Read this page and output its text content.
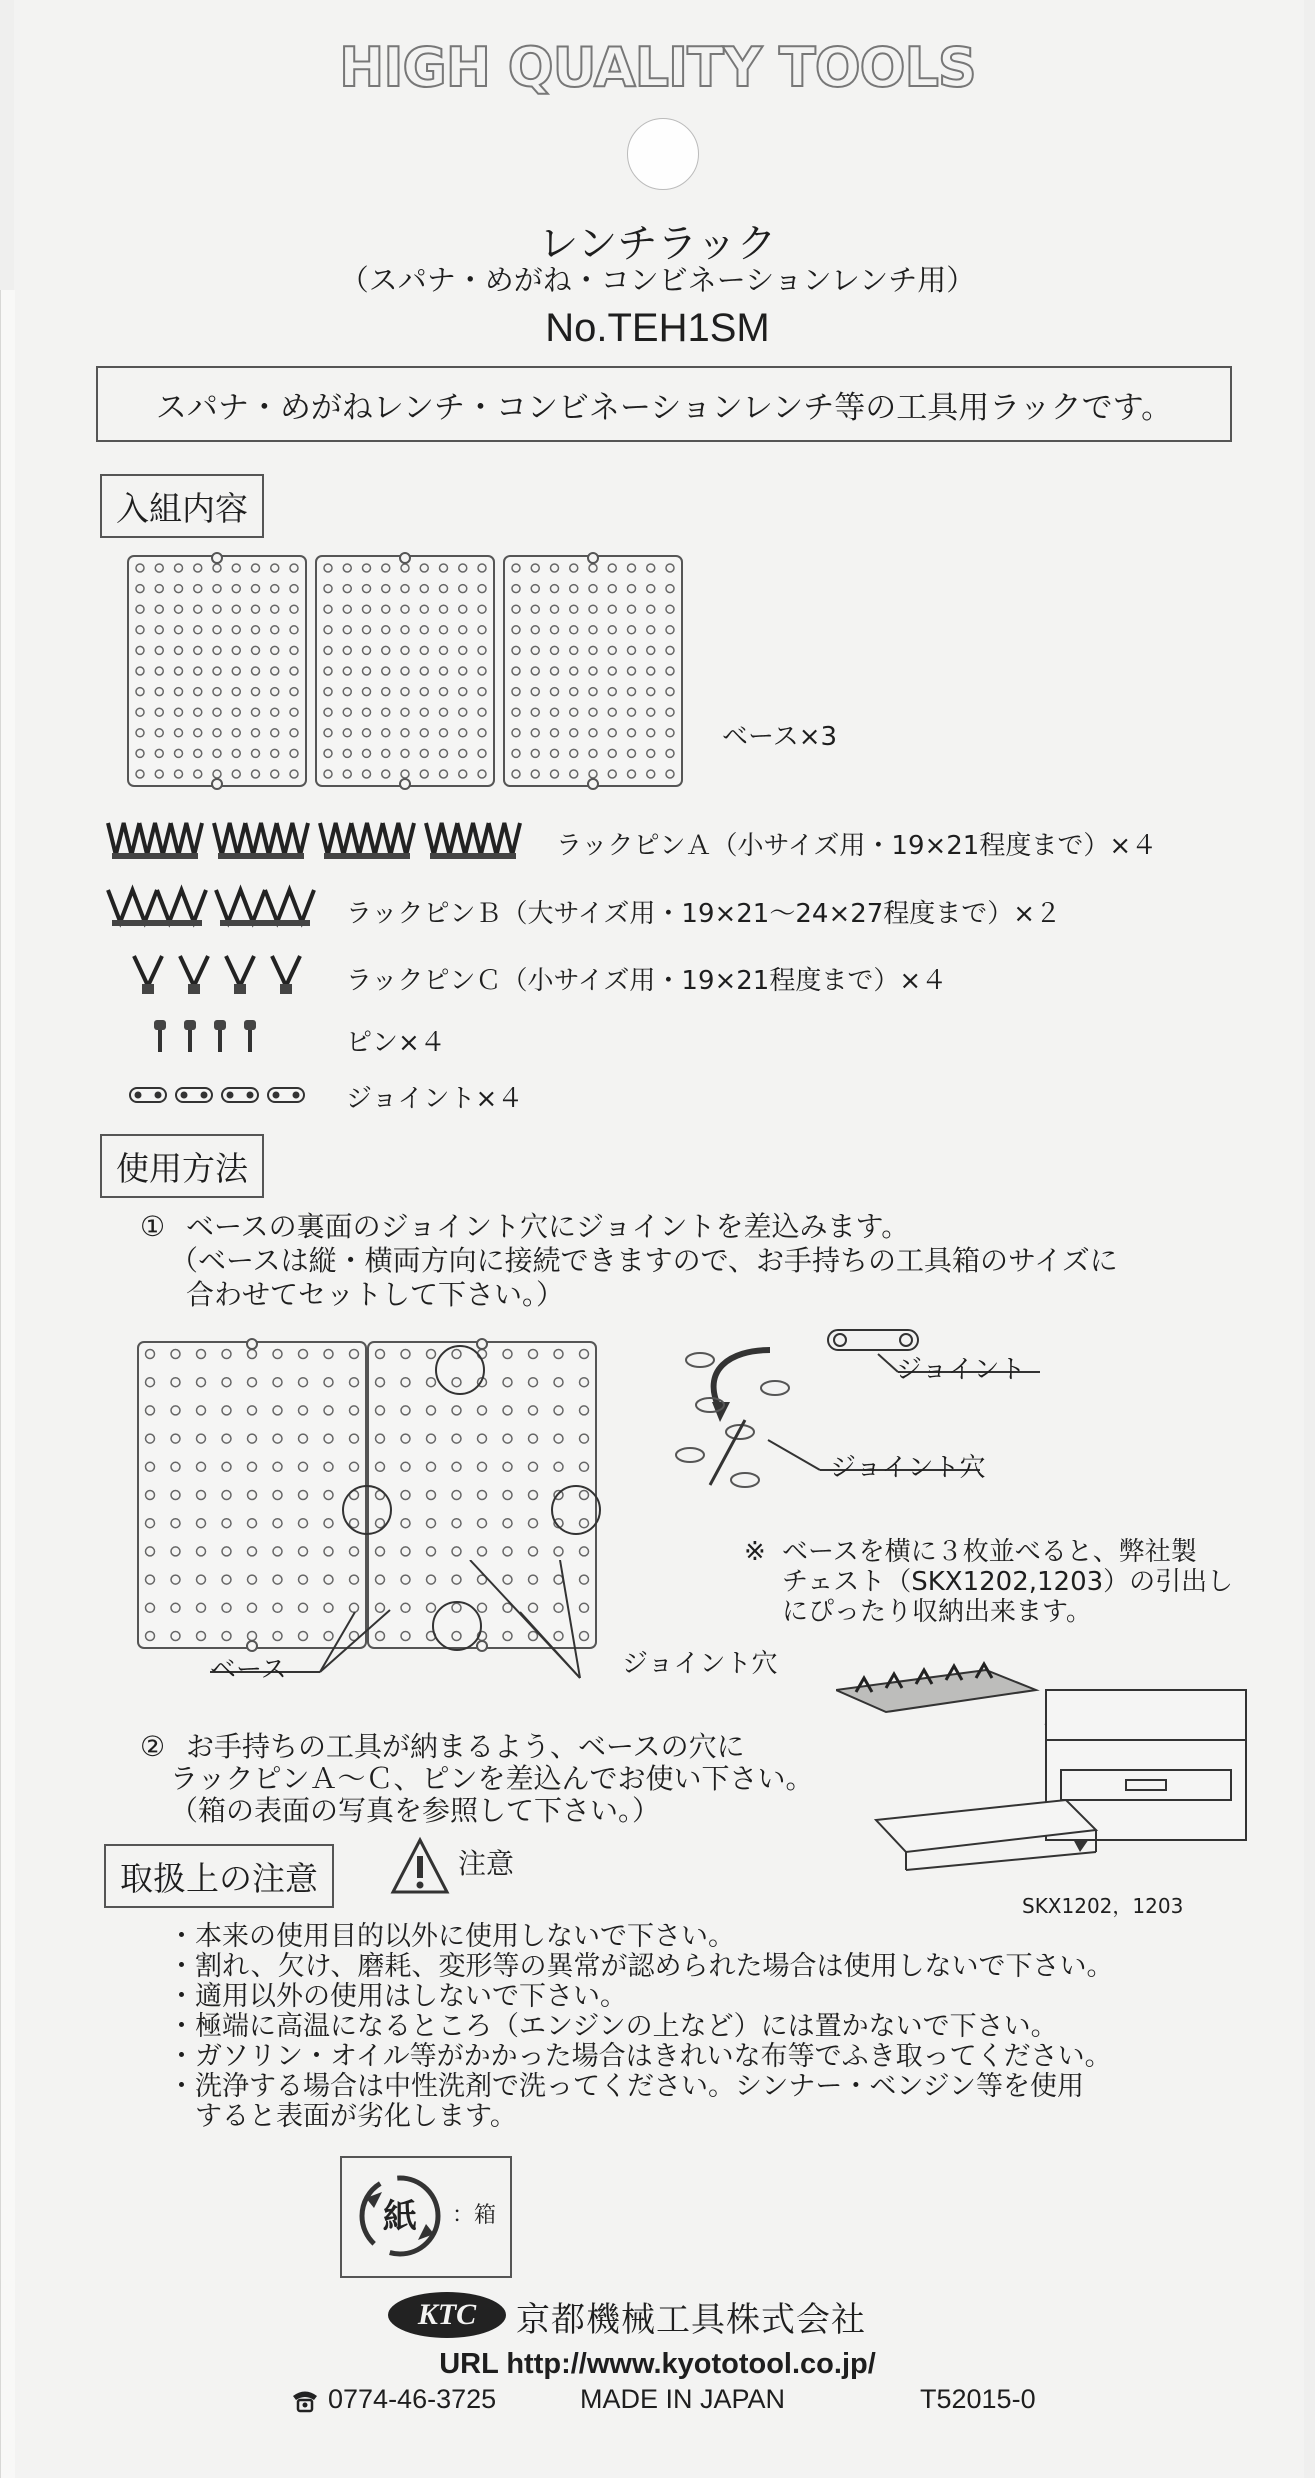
HIGH QUALITY TOOLS
レンチラック
（スパナ・めがね・コンビネーションレンチ用）
No.TEH1SM
スパナ・めがねレンチ・コンビネーションレンチ等の工具用ラックです。
入組内容
ベース×3
ラックピンＡ（小サイズ用・19×21程度まで）×４
ラックピンＢ（大サイズ用・19×21～24×27程度まで）×２
ラックピンＣ（小サイズ用・19×21程度まで）×４
ピン×４
ジョイント×４
使用方法
① ベースの裏面のジョイント穴にジョイントを差込みます。
（ベースは縦・横両方向に接続できますので、お手持ちの工具箱のサイズに
合わせてセットして下さい。）
ジョイント
ジョイント穴
※ ベースを横に３枚並べると、弊社製
チェスト（SKX1202,1203）の引出し
にぴったり収納出来ます。
ベース	ジョイント穴
② お手持ちの工具が納まるよう、ベースの穴に
ラックピンＡ～Ｃ、ピンを差込んでお使い下さい。
（箱の表面の写真を参照して下さい。）
SKX1202，1203
取扱上の注意	注意
・本来の使用目的以外に使用しないで下さい。
・割れ、欠け、磨耗、変形等の異常が認められた場合は使用しないで下さい。
・適用以外の使用はしないで下さい。
・極端に高温になるところ（エンジンの上など）には置かないで下さい。
・ガソリン・オイル等がかかった場合はきれいな布等でふき取ってください。
・洗浄する場合は中性洗剤で洗ってください。シンナー・ベンジン等を使用
　すると表面が劣化します。
紙 ：箱
KTC 京都機械工具株式会社
URL http://www.kyototool.co.jp/
0774-46-3725	MADE IN JAPAN	T52015-0
